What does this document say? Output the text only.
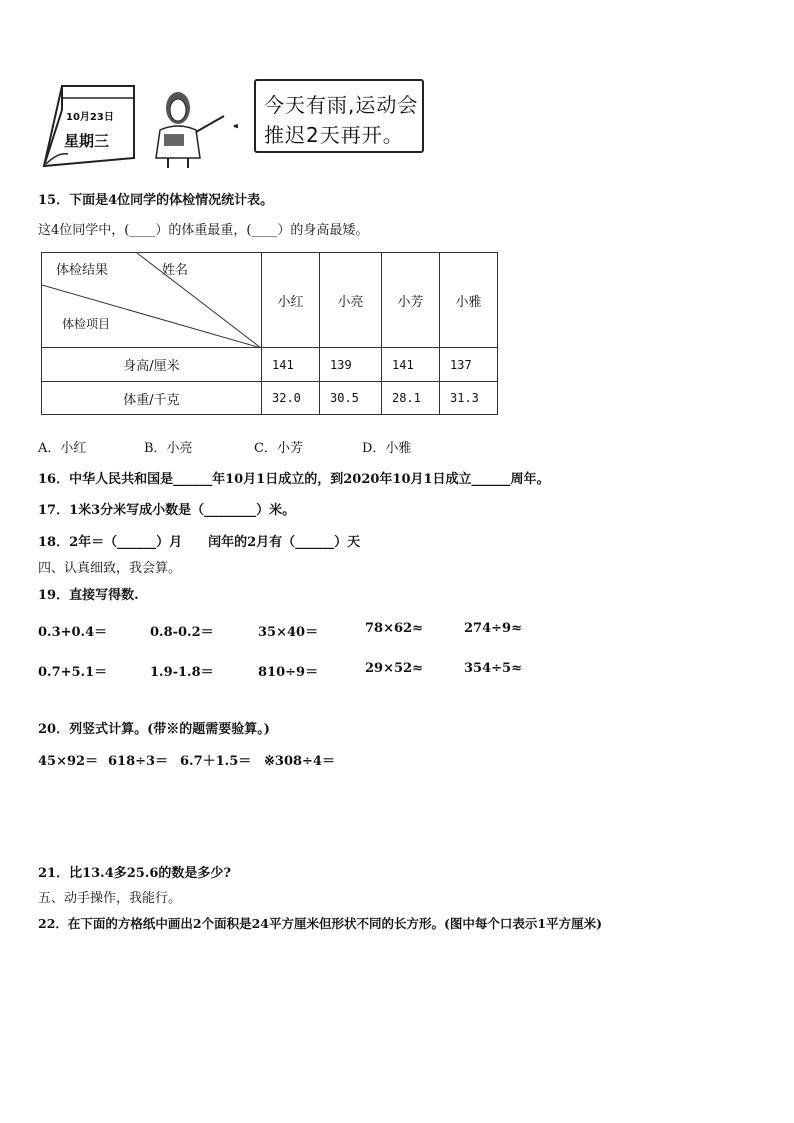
10月23日
星期三
今天有雨,运动会
推迟2天再开。
15．下面是4位同学的体检情况统计表。
这4位同学中，(____）的体重最重，(____）的身高最矮。
体检结果 姓名
体检项目	小红	小亮	小芳	小雅
身高/厘米	141	139	141	137
体重/千克	32.0	30.5	28.1	31.3
A．小红	B．小亮	C．小芳	D．小雅
16．中华人民共和国是______年10月1日成立的，到2020年10月1日成立______周年。
17．1米3分米写成小数是（________）米。
18．2年＝（______）月　　闰年的2月有（______）天
四、认真细致，我会算。
19．直接写得数.
0.3+0.4＝	0.8-0.2＝	35×40＝	78×62≈	274÷9≈
0.7+5.1＝	1.9-1.8＝	810÷9＝	29×52≈	354÷5≈
20．列竖式计算。(带※的题需要验算。)
45×92＝ 618÷3＝ 6.7＋1.5＝ ※308÷4＝
21．比13.4多25.6的数是多少?
五、动手操作，我能行。
22．在下面的方格纸中画出2个面积是24平方厘米但形状不同的长方形。(图中每个口表示1平方厘米)
